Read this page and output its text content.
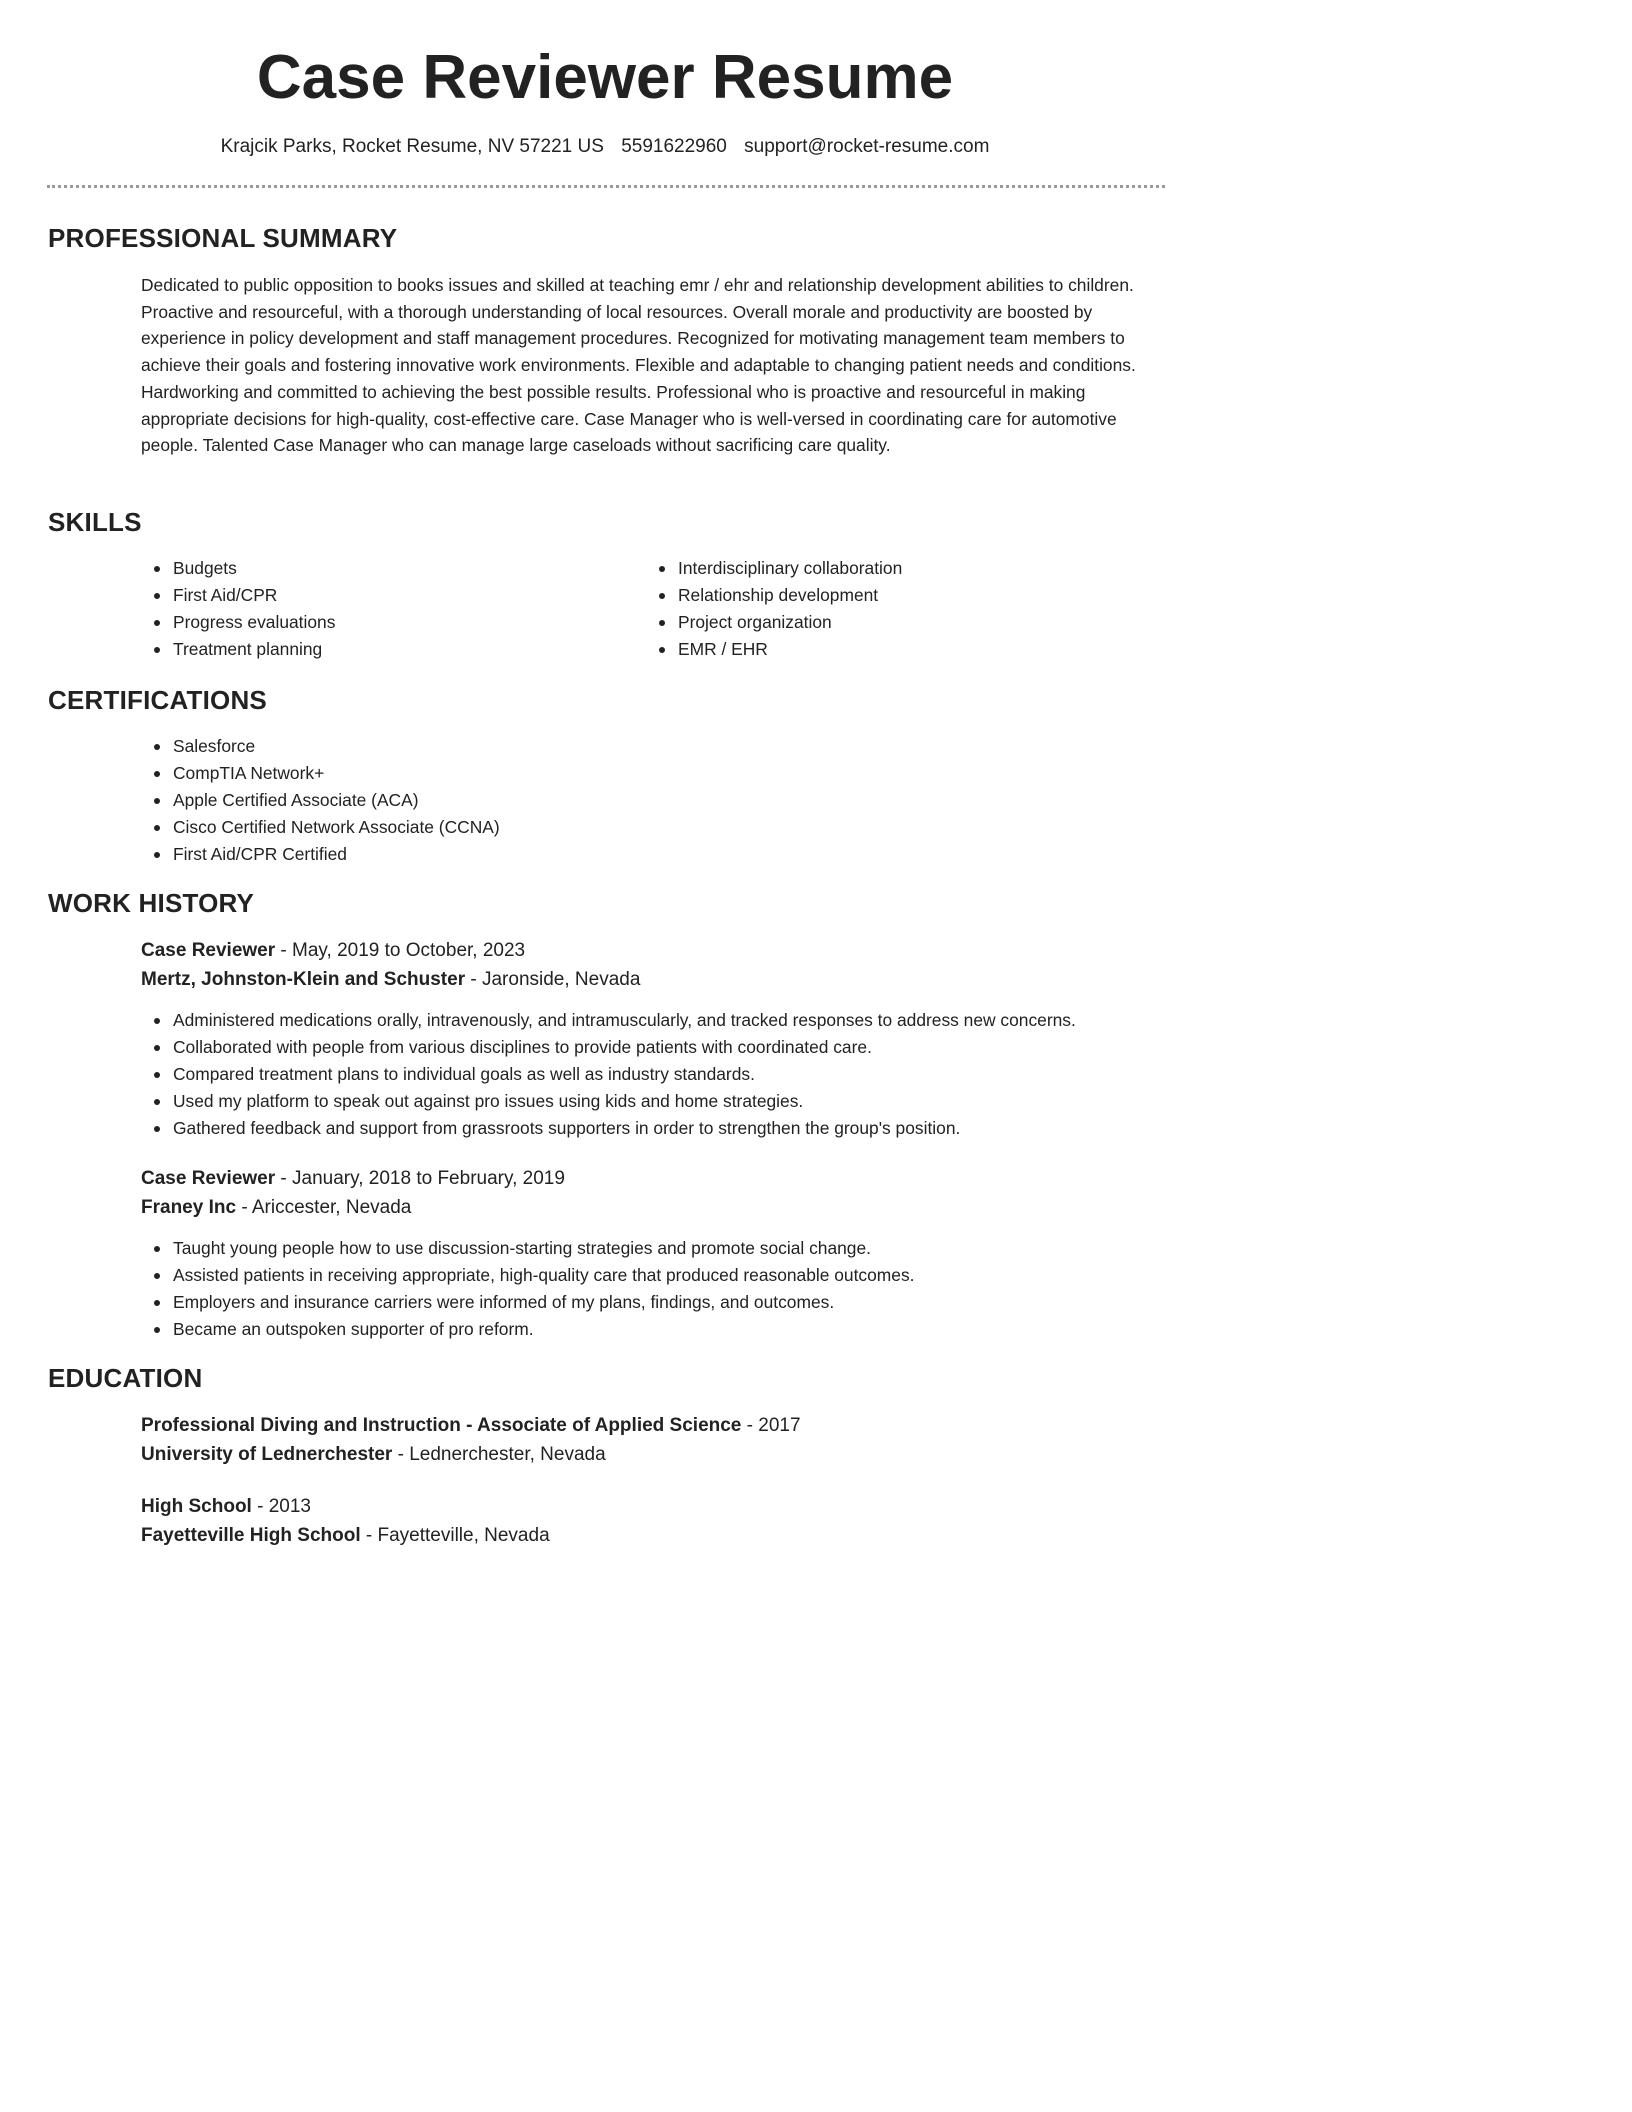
Case Reviewer Resume
Krajcik Parks, Rocket Resume, NV 57221 US 5591622960 support@rocket-resume.com
PROFESSIONAL SUMMARY

Dedicated to public opposition to books issues and skilled at teaching emr / ehr and relationship development abilities to children. Proactive and resourceful, with a thorough understanding of local resources. Overall morale and productivity are boosted by experience in policy development and staff management procedures. Recognized for motivating management team members to achieve their goals and fostering innovative work environments. Flexible and adaptable to changing patient needs and conditions. Hardworking and committed to achieving the best possible results. Professional who is proactive and resourceful in making appropriate decisions for high-quality, cost-effective care. Case Manager who is well-versed in coordinating care for automotive people. Talented Case Manager who can manage large caseloads without sacrificing care quality.

SKILLS
Budgets
First Aid/CPR
Progress evaluations
Treatment planning
Interdisciplinary collaboration
Relationship development
Project organization
EMR / EHR
CERTIFICATIONS
Salesforce
CompTIA Network+
Apple Certified Associate (ACA)
Cisco Certified Network Associate (CCNA)
First Aid/CPR Certified
WORK HISTORY
Case Reviewer - May, 2019 to October, 2023
Mertz, Johnston-Klein and Schuster - Jaronside, Nevada
Administered medications orally, intravenously, and intramuscularly, and tracked responses to address new concerns.
Collaborated with people from various disciplines to provide patients with coordinated care.
Compared treatment plans to individual goals as well as industry standards.
Used my platform to speak out against pro issues using kids and home strategies.
Gathered feedback and support from grassroots supporters in order to strengthen the group's position.
Case Reviewer - January, 2018 to February, 2019
Franey Inc - Ariccester, Nevada
Taught young people how to use discussion-starting strategies and promote social change.
Assisted patients in receiving appropriate, high-quality care that produced reasonable outcomes.
Employers and insurance carriers were informed of my plans, findings, and outcomes.
Became an outspoken supporter of pro reform.
EDUCATION
Professional Diving and Instruction - Associate of Applied Science - 2017
University of Lednerchester - Lednerchester, Nevada
High School - 2013
Fayetteville High School - Fayetteville, Nevada
